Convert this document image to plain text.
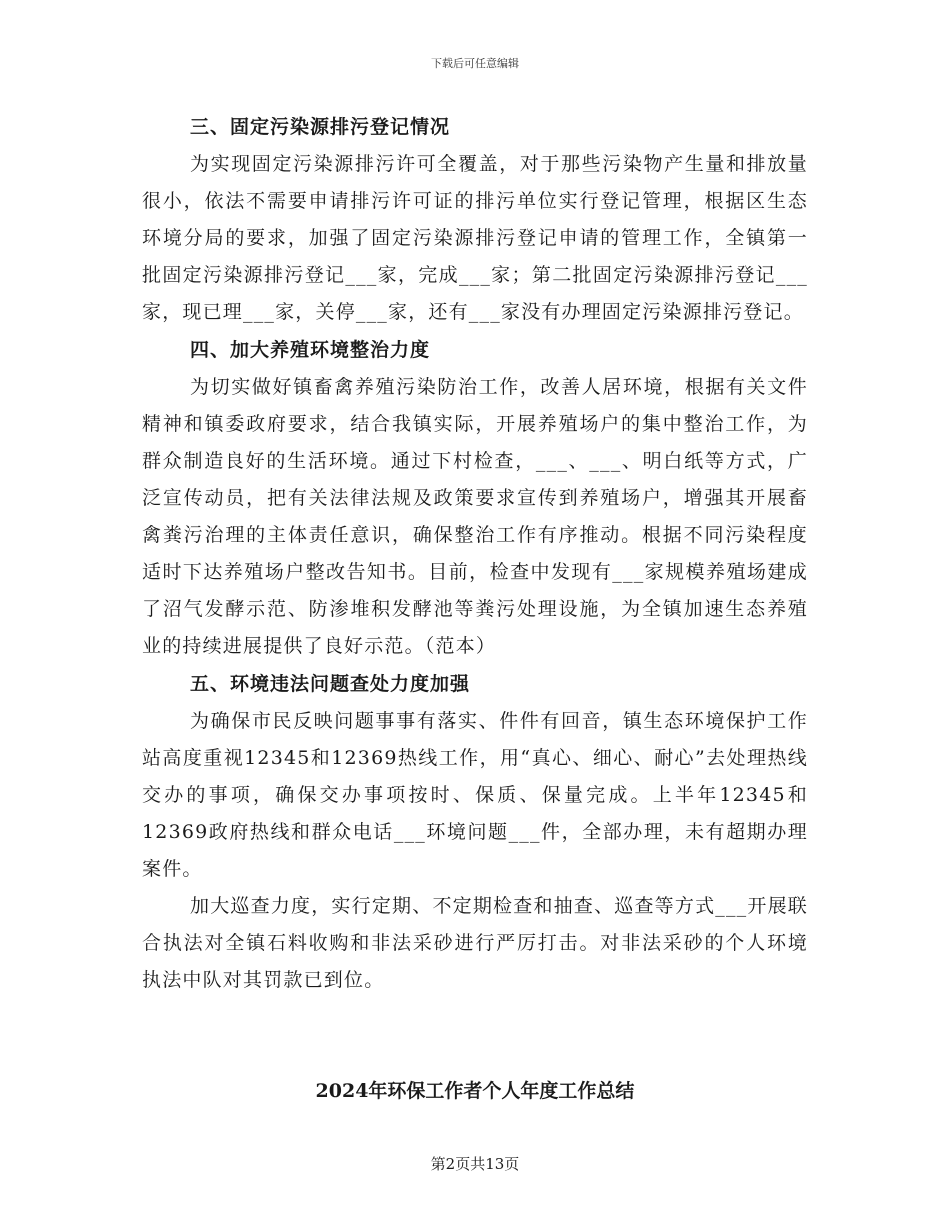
下载后可任意编辑
三、固定污染源排污登记情况

为实现固定污染源排污许可全覆盖，对于那些污染物产生量和排放量很小，依法不需要申请排污许可证的排污单位实行登记管理，根据区生态环境分局的要求，加强了固定污染源排污登记申请的管理工作，全镇第一批固定污染源排污登记___家，完成___家；第二批固定污染源排污登记___家，现已理___家，关停___家，还有___家没有办理固定污染源排污登记。

四、加大养殖环境整治力度

为切实做好镇畜禽养殖污染防治工作，改善人居环境，根据有关文件精神和镇委政府要求，结合我镇实际，开展养殖场户的集中整治工作，为群众制造良好的生活环境。通过下村检查，___、___、明白纸等方式，广泛宣传动员，把有关法律法规及政策要求宣传到养殖场户，增强其开展畜禽粪污治理的主体责任意识，确保整治工作有序推动。根据不同污染程度适时下达养殖场户整改告知书。目前，检查中发现有___家规模养殖场建成了沼气发酵示范、防渗堆积发酵池等粪污处理设施，为全镇加速生态养殖业的持续进展提供了良好示范。（范本）

五、环境违法问题查处力度加强

为确保市民反映问题事事有落实、件件有回音，镇生态环境保护工作站高度重视12345和12369热线工作，用“真心、细心、耐心”去处理热线交办的事项，确保交办事项按时、保质、保量完成。上半年12345和12369政府热线和群众电话___环境问题___件，全部办理，未有超期办理案件。

加大巡查力度，实行定期、不定期检查和抽查、巡查等方式___开展联合执法对全镇石料收购和非法采砂进行严厉打击。对非法采砂的个人环境执法中队对其罚款已到位。

2024年环保工作者个人年度工作总结
第2页共13页
